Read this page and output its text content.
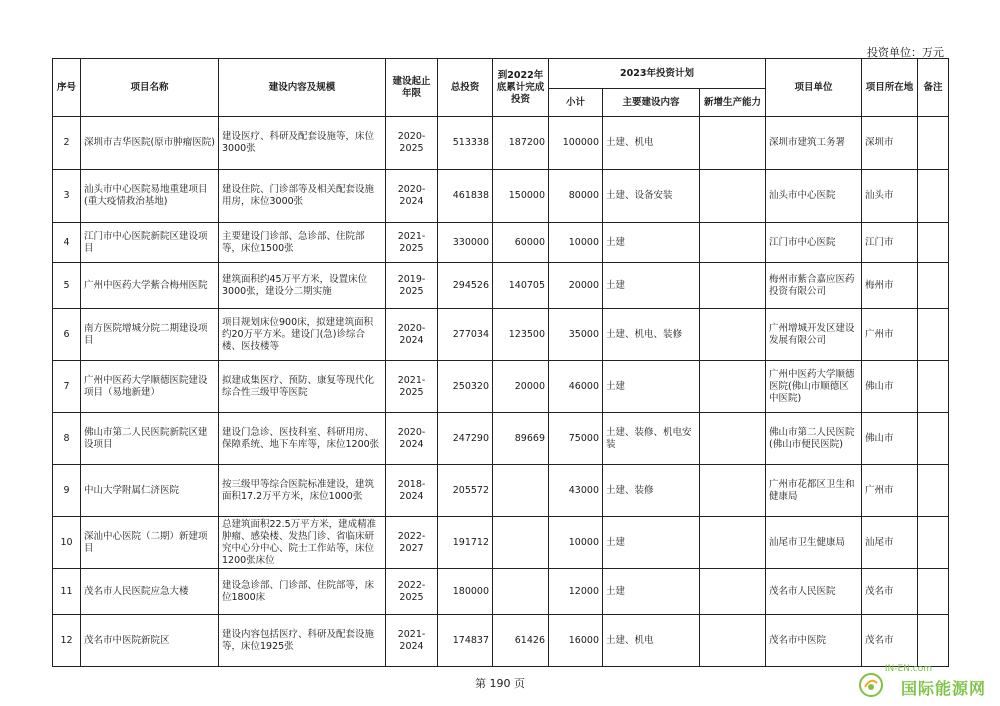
投资单位：万元
序号	项目名称	建设内容及规模	建设起止年限	总投资	到2022年底累计完成投资	2023年投资计划			项目单位	项目所在地	备注
						小计	主要建设内容	新增生产能力			
2	深圳市吉华医院(原市肿瘤医院)	建设医疗、科研及配套设施等，床位3000张	2020-2025	513338	187200	100000	土建、机电		深圳市建筑工务署	深圳市	
3	汕头市中心医院易地重建项目(重大疫情救治基地)	建设住院、门诊部等及相关配套设施用房，床位3000张	2020-2024	461838	150000	80000	土建、设备安装		汕头市中心医院	汕头市	
4	江门市中心医院新院区建设项目	主要建设门诊部、急诊部、住院部等，床位1500张	2021-2025	330000	60000	10000	土建		江门市中心医院	江门市	
5	广州中医药大学紫合梅州医院	建筑面积约45万平方米，设置床位3000张，建设分二期实施	2019-2025	294526	140705	20000	土建		梅州市紫合嘉应医药投资有限公司	梅州市	
6	南方医院增城分院二期建设项目	项目规划床位900床，拟建建筑面积约20万平方米。建设门(急)诊综合楼、医技楼等	2020-2024	277034	123500	35000	土建、机电、装修		广州增城开发区建设发展有限公司	广州市	
7	广州中医药大学顺德医院建设项目（易地新建）	拟建成集医疗、预防、康复等现代化综合性三级甲等医院	2021-2025	250320	20000	46000	土建		广州中医药大学顺德医院(佛山市顺德区中医院)	佛山市	
8	佛山市第二人民医院新院区建设项目	建设门急诊、医技科室、科研用房、保障系统、地下车库等，床位1200张	2020-2024	247290	89669	75000	土建、装修、机电安装		佛山市第二人民医院(佛山市便民医院)	佛山市	
9	中山大学附属仁济医院	按三级甲等综合医院标准建设，建筑面积17.2万平方米，床位1000张	2018-2024	205572		43000	土建、装修		广州市花都区卫生和健康局	广州市	
10	深汕中心医院（二期）新建项目	总建筑面积22.5万平方米，建成精准肿瘤、感染楼、发热门诊、省临床研究中心分中心、院士工作站等，床位1200张床位	2022-2027	191712		10000	土建		汕尾市卫生健康局	汕尾市	
11	茂名市人民医院应急大楼	建设急诊部、门诊部、住院部等，床位1800床	2022-2025	180000		12000	土建		茂名市人民医院	茂名市	
12	茂名市中医院新院区	建设内容包括医疗、科研及配套设施等，床位1925张	2021-2024	174837	61426	16000	土建、机电		茂名市中医院	茂名市	
第 190 页
IN-EN.com
国际能源网
